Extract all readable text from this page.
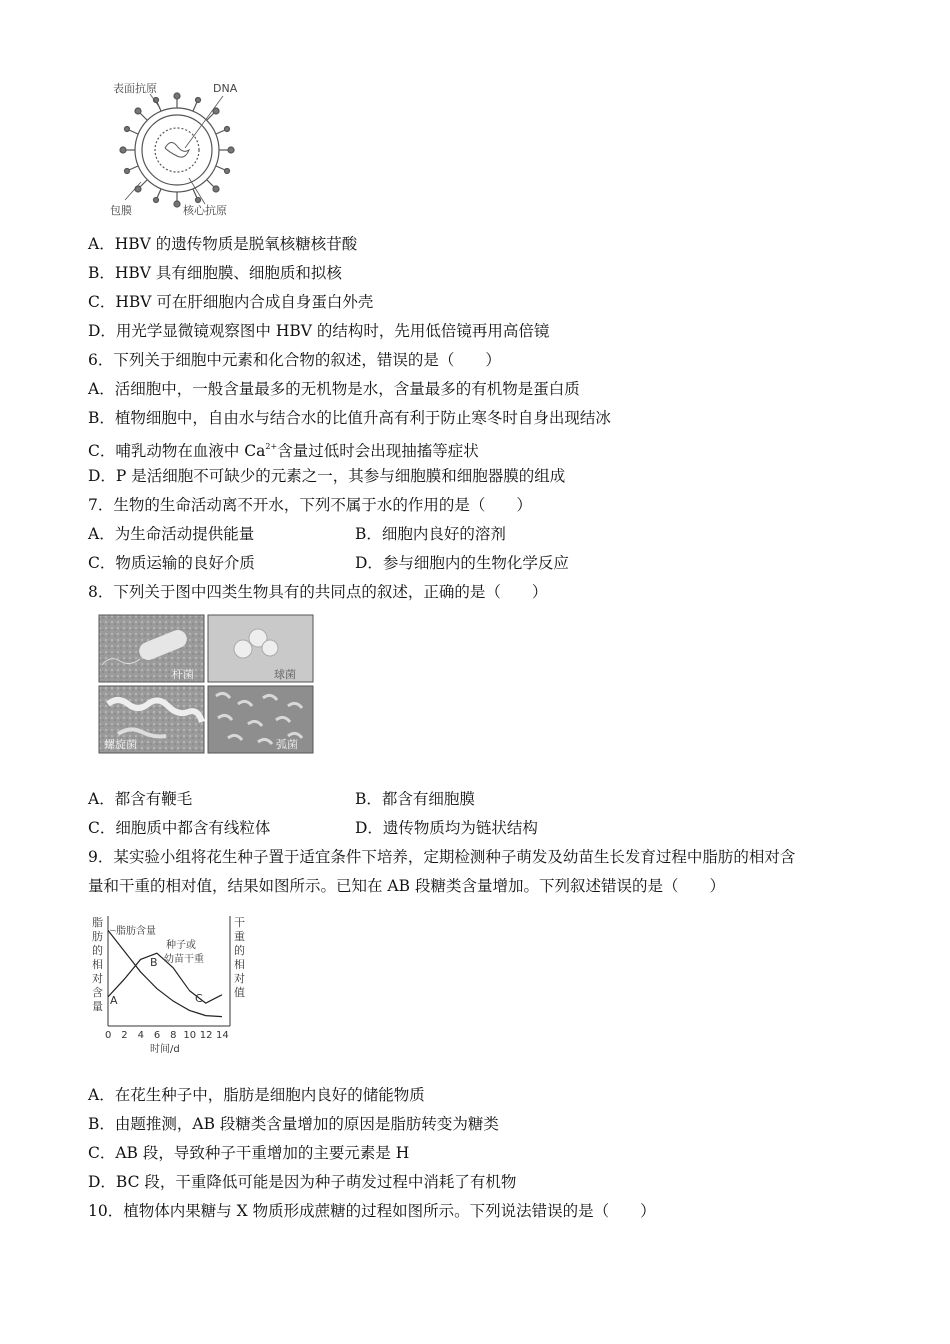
表面抗原	DNA
包膜	核心抗原
A．HBV 的遗传物质是脱氧核糖核苷酸
B．HBV 具有细胞膜、细胞质和拟核
C．HBV 可在肝细胞内合成自身蛋白外壳
D．用光学显微镜观察图中 HBV 的结构时，先用低倍镜再用高倍镜
6．下列关于细胞中元素和化合物的叙述，错误的是（　　）
A．活细胞中，一般含量最多的无机物是水，含量最多的有机物是蛋白质
B．植物细胞中，自由水与结合水的比值升高有利于防止寒冬时自身出现结冰
C．哺乳动物在血液中 $Ca^{2+}$含量过低时会出现抽搐等症状
D．P 是活细胞不可缺少的元素之一，其参与细胞膜和细胞器膜的组成
7．生物的生命活动离不开水，下列不属于水的作用的是（　　）
A．为生命活动提供能量	B．细胞内良好的溶剂
C．物质运输的良好介质	D．参与细胞内的生物化学反应
8．下列关于图中四类生物具有的共同点的叙述，正确的是（　　）
杆菌	球菌
螺旋菌	弧菌
A．都含有鞭毛	B．都含有细胞膜
C．细胞质中都含有线粒体	D．遗传物质均为链状结构
9．某实验小组将花生种子置于适宜条件下培养，定期检测种子萌发及幼苗生长发育过程中脂肪的相对含
量和干重的相对值，结果如图所示。已知在 AB 段糖类含量增加。下列叙述错误的是（　　）
脂
肪
的
相
对
含
量
干
重
的
相
对
值
0 2 4 6 8 10 12 14
脂肪含量
种子或
幼苗干重
B
A	C
时间/d
A．在花生种子中，脂肪是细胞内良好的储能物质
B．由题推测，AB 段糖类含量增加的原因是脂肪转变为糖类
C．AB 段，导致种子干重增加的主要元素是 H
D．BC 段，干重降低可能是因为种子萌发过程中消耗了有机物
10．植物体内果糖与 X 物质形成蔗糖的过程如图所示。下列说法错误的是（　　）
